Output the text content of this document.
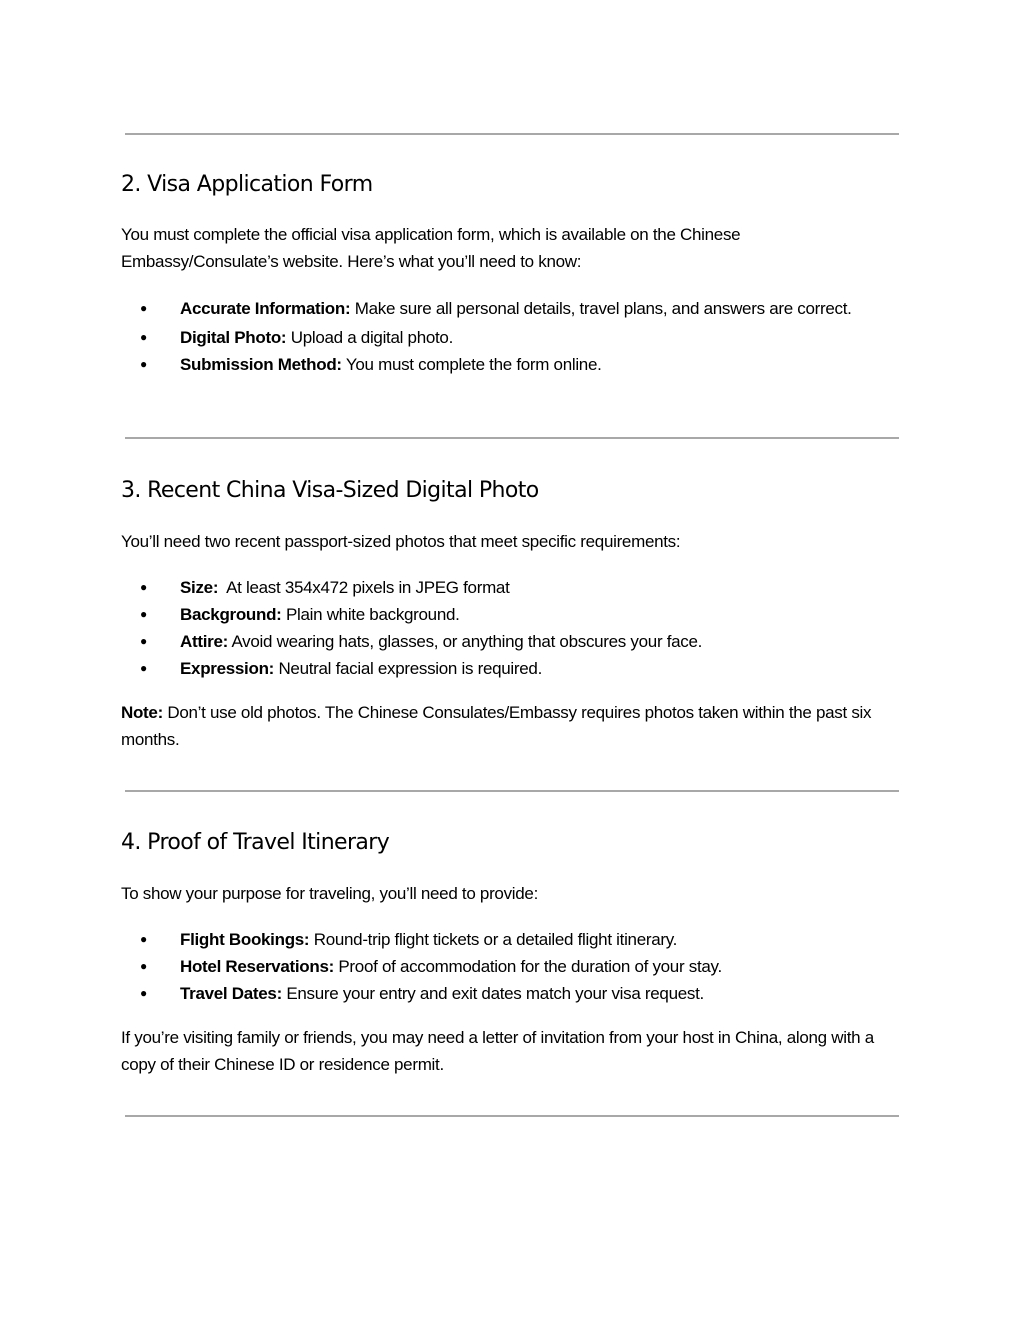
2. Visa Application Form

You must complete the official visa application form, which is available on the Chinese Embassy/Consulate’s website. Here’s what you’ll need to know:

● Accurate Information: Make sure all personal details, travel plans, and answers are correct.
● Digital Photo: Upload a digital photo.
● Submission Method: You must complete the form online.
3. Recent China Visa-Sized Digital Photo

You’ll need two recent passport-sized photos that meet specific requirements:

● Size:  At least 354x472 pixels in JPEG format
● Background: Plain white background.
● Attire: Avoid wearing hats, glasses, or anything that obscures your face.
● Expression: Neutral facial expression is required.

Note: Don’t use old photos. The Chinese Consulates/Embassy requires photos taken within the past six months.

4. Proof of Travel Itinerary

To show your purpose for traveling, you’ll need to provide:

● Flight Bookings: Round-trip flight tickets or a detailed flight itinerary.
● Hotel Reservations: Proof of accommodation for the duration of your stay.
● Travel Dates: Ensure your entry and exit dates match your visa request.

If you’re visiting family or friends, you may need a letter of invitation from your host in China, along with a copy of their Chinese ID or residence permit.
